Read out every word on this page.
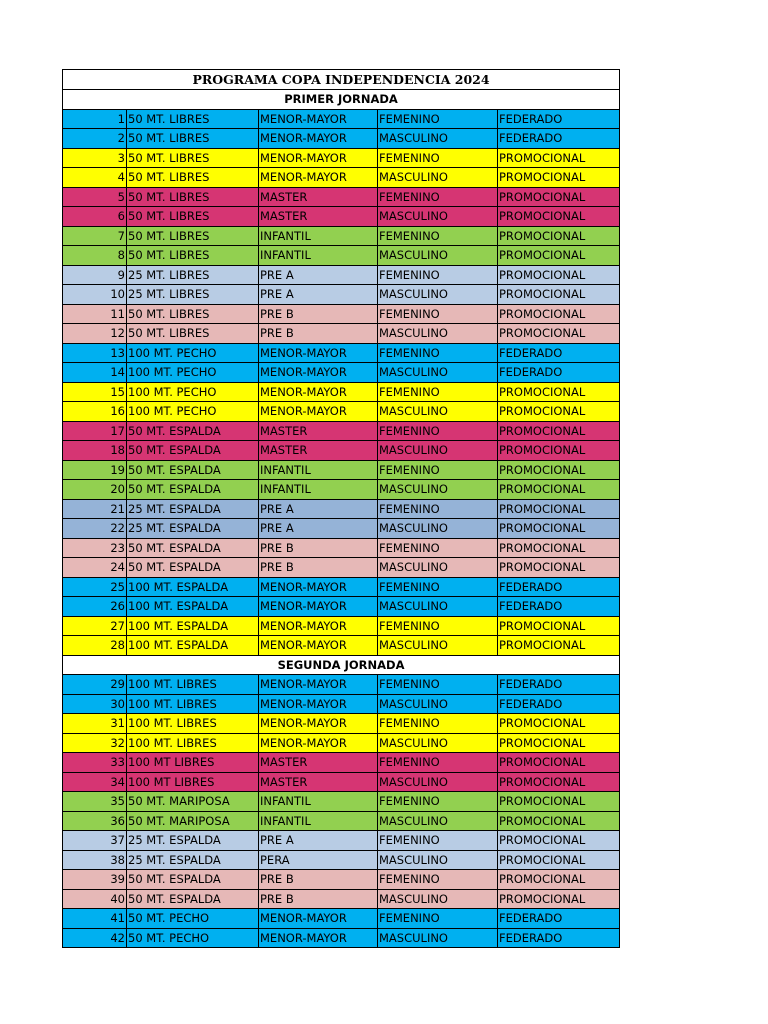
PROGRAMA COPA INDEPENDENCIA 2024				
PRIMER JORNADA				
1	50 MT. LIBRES	MENOR-MAYOR	FEMENINO	FEDERADO
2	50 MT. LIBRES	MENOR-MAYOR	MASCULINO	FEDERADO
3	50 MT. LIBRES	MENOR-MAYOR	FEMENINO	PROMOCIONAL
4	50 MT. LIBRES	MENOR-MAYOR	MASCULINO	PROMOCIONAL
5	50 MT. LIBRES	MASTER	FEMENINO	PROMOCIONAL
6	50 MT. LIBRES	MASTER	MASCULINO	PROMOCIONAL
7	50 MT. LIBRES	INFANTIL	FEMENINO	PROMOCIONAL
8	50 MT. LIBRES	INFANTIL	MASCULINO	PROMOCIONAL
9	25 MT. LIBRES	PRE A	FEMENINO	PROMOCIONAL
10	25 MT. LIBRES	PRE A	MASCULINO	PROMOCIONAL
11	50 MT. LIBRES	PRE B	FEMENINO	PROMOCIONAL
12	50 MT. LIBRES	PRE B	MASCULINO	PROMOCIONAL
13	100 MT. PECHO	MENOR-MAYOR	FEMENINO	FEDERADO
14	100 MT. PECHO	MENOR-MAYOR	MASCULINO	FEDERADO
15	100 MT. PECHO	MENOR-MAYOR	FEMENINO	PROMOCIONAL
16	100 MT. PECHO	MENOR-MAYOR	MASCULINO	PROMOCIONAL
17	50 MT. ESPALDA	MASTER	FEMENINO	PROMOCIONAL
18	50 MT. ESPALDA	MASTER	MASCULINO	PROMOCIONAL
19	50 MT. ESPALDA	INFANTIL	FEMENINO	PROMOCIONAL
20	50 MT. ESPALDA	INFANTIL	MASCULINO	PROMOCIONAL
21	25 MT. ESPALDA	PRE A	FEMENINO	PROMOCIONAL
22	25 MT. ESPALDA	PRE A	MASCULINO	PROMOCIONAL
23	50 MT. ESPALDA	PRE B	FEMENINO	PROMOCIONAL
24	50 MT. ESPALDA	PRE B	MASCULINO	PROMOCIONAL
25	100 MT. ESPALDA	MENOR-MAYOR	FEMENINO	FEDERADO
26	100 MT. ESPALDA	MENOR-MAYOR	MASCULINO	FEDERADO
27	100 MT. ESPALDA	MENOR-MAYOR	FEMENINO	PROMOCIONAL
28	100 MT. ESPALDA	MENOR-MAYOR	MASCULINO	PROMOCIONAL
SEGUNDA JORNADA				
29	100 MT. LIBRES	MENOR-MAYOR	FEMENINO	FEDERADO
30	100 MT. LIBRES	MENOR-MAYOR	MASCULINO	FEDERADO
31	100 MT. LIBRES	MENOR-MAYOR	FEMENINO	PROMOCIONAL
32	100 MT. LIBRES	MENOR-MAYOR	MASCULINO	PROMOCIONAL
33	100 MT LIBRES	MASTER	FEMENINO	PROMOCIONAL
34	100 MT LIBRES	MASTER	MASCULINO	PROMOCIONAL
35	50 MT. MARIPOSA	INFANTIL	FEMENINO	PROMOCIONAL
36	50 MT. MARIPOSA	INFANTIL	MASCULINO	PROMOCIONAL
37	25 MT. ESPALDA	PRE A	FEMENINO	PROMOCIONAL
38	25 MT. ESPALDA	PERA	MASCULINO	PROMOCIONAL
39	50 MT. ESPALDA	PRE B	FEMENINO	PROMOCIONAL
40	50 MT. ESPALDA	PRE B	MASCULINO	PROMOCIONAL
41	50 MT. PECHO	MENOR-MAYOR	FEMENINO	FEDERADO
42	50 MT. PECHO	MENOR-MAYOR	MASCULINO	FEDERADO
